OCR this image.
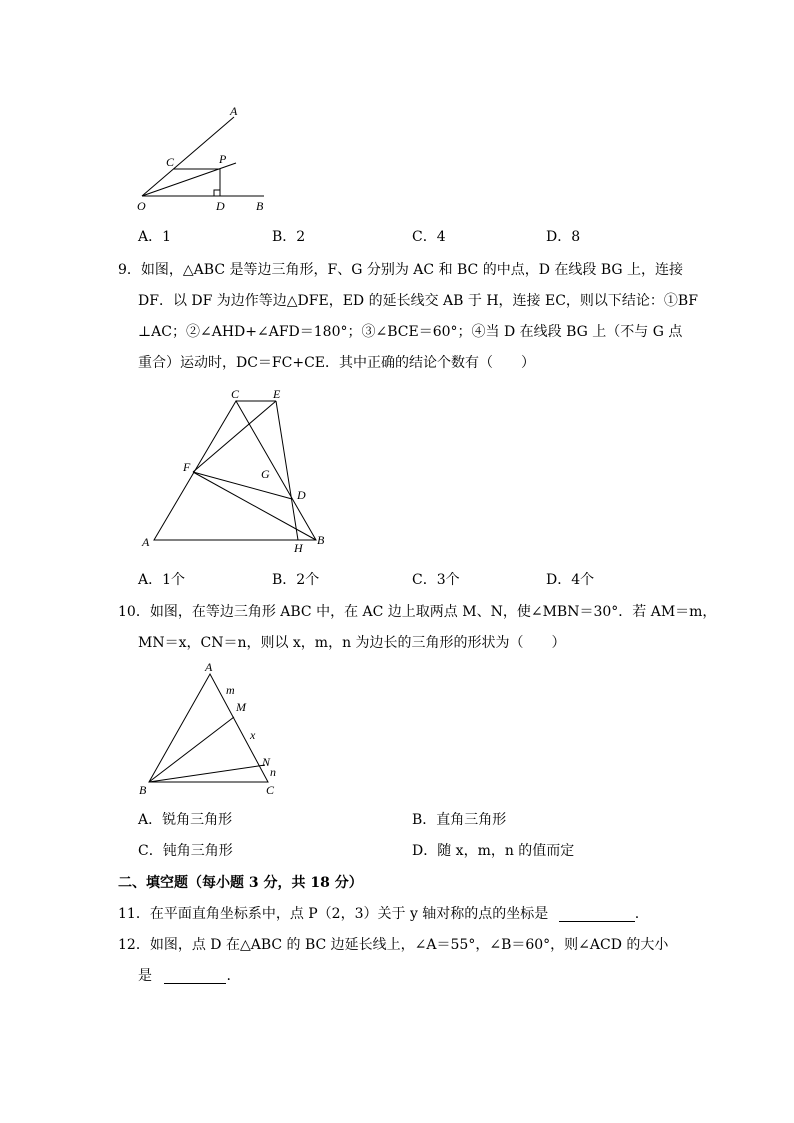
A
C	P
O	D	B
A．1	B．2	C．4	D．8
9．如图，△ABC 是等边三角形，F、G 分别为 AC 和 BC 的中点，D 在线段 BG 上，连接
DF．以 DF 为边作等边△DFE，ED 的延长线交 AB 于 H，连接 EC，则以下结论：①BF
⊥AC；②∠AHD+∠AFD＝180°；③∠BCE＝60°；④当 D 在线段 BG 上（不与 G 点
重合）运动时，DC＝FC+CE．其中正确的结论个数有（　　）
C	E
F	G
D
A	H
B
A．1个	B．2个	C．3个	D．4个
10．如图，在等边三角形 ABC 中，在 AC 边上取两点 M、N，使∠MBN＝30°．若 AM＝m，
MN＝x，CN＝n，则以 x，m，n 为边长的三角形的形状为（　　）
A
m
M
x
N
n
B	C
A．锐角三角形	B．直角三角形
C．钝角三角形	D．随 x，m，n 的值而定
二、填空题（每小题 3 分，共 18 分）
11．在平面直角坐标系中，点 P（2，3）关于 y 轴对称的点的坐标是	.
12．如图，点 D 在△ABC 的 BC 边延长线上，∠A＝55°，∠B＝60°，则∠ACD 的大小
是	.
